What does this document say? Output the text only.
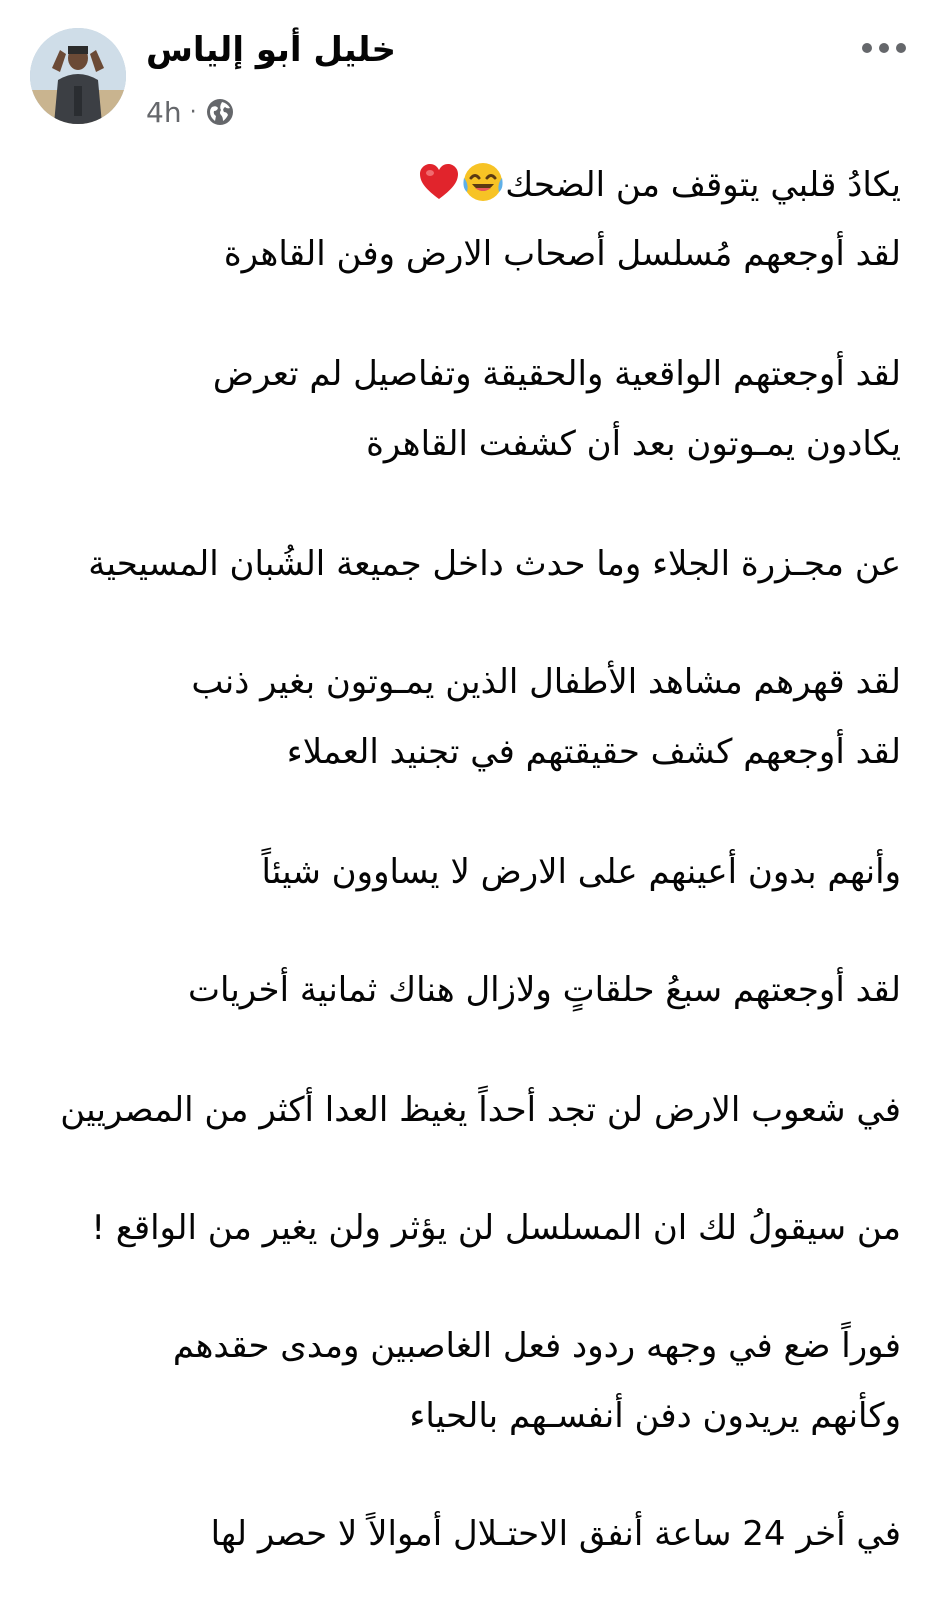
خليل أبو إلياس
4h ·
يكادُ قلبي يتوقف من الضحك
لقد أوجعهم مُسلسل أصحاب الارض وفن القاهرة
لقد أوجعتهم الواقعية والحقيقة وتفاصيل لم تعرض
يكادون يمـوتون بعد أن كشفت القاهرة
عن مجـزرة الجلاء وما حدث داخل جميعة الشُبان المسيحية
لقد قهرهم مشاهد الأطفال الذين يمـوتون بغير ذنب
لقد أوجعهم كشف حقيقتهم في تجنيد العملاء
وأنهم بدون أعينهم على الارض لا يساوون شيئاً
لقد أوجعتهم سبعُ حلقاتٍ ولازال هناك ثمانية أخريات
في شعوب الارض لن تجد أحداً يغيظ العدا أكثر من المصريين
من سيقولُ لك ان المسلسل لن يؤثر ولن يغير من الواقع !
فوراً ضع في وجهه ردود فعل الغاصبين ومدى حقدهم
وكأنهم يريدون دفن أنفسـهم بالحياء
في أخر 24 ساعة أنفق الاحتـلال أموالاً لا حصر لها
